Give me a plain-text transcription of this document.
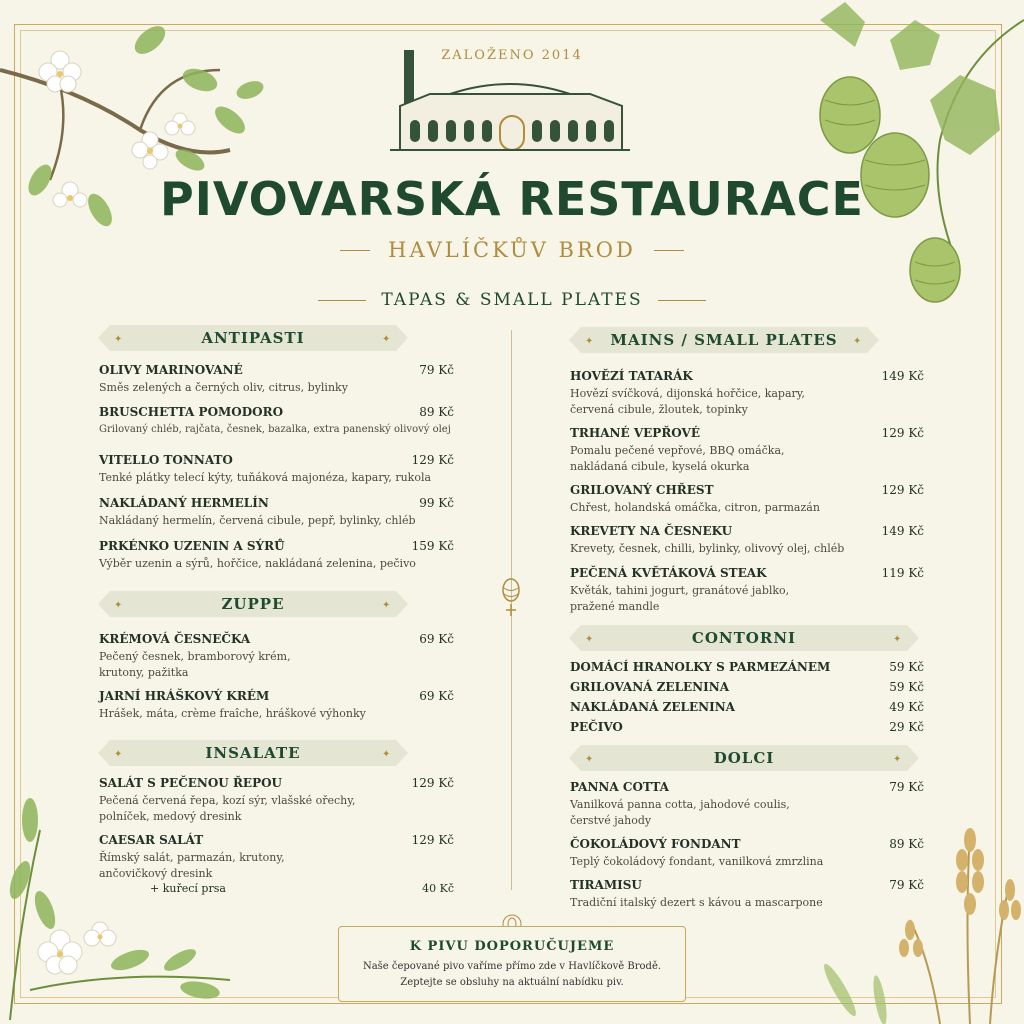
ZALOŽENO 2014
PIVOVARSKÁ RESTAURACE
HAVLÍČKŮV BROD
TAPAS & SMALL PLATES
✦	✦
ANTIPASTI
OLIVY MARINOVANÉ	79 Kč
Směs zelených a černých oliv, citrus, bylinky
BRUSCHETTA POMODORO	89 Kč
Grilovaný chléb, rajčata, česnek, bazalka, extra panenský olivový olej
VITELLO TONNATO	129 Kč
Tenké plátky telecí kýty, tuňáková majonéza, kapary, rukola
NAKLÁDANÝ HERMELÍN	99 Kč
Nakládaný hermelín, červená cibule, pepř, bylinky, chléb
PRKÉNKO UZENIN A SÝRŮ	159 Kč
Výběr uzenin a sýrů, hořčice, nakládaná zelenina, pečivo
✦	✦
ZUPPE
KRÉMOVÁ ČESNEČKA	69 Kč
Pečený česnek, bramborový krém,
krutony, pažitka
JARNÍ HRÁŠKOVÝ KRÉM	69 Kč
Hrášek, máta, crème fraîche, hráškové výhonky
✦	✦
INSALATE
SALÁT S PEČENOU ŘEPOU	129 Kč
Pečená červená řepa, kozí sýr, vlašské ořechy,
polníček, medový dresink
CAESAR SALÁT	129 Kč
Římský salát, parmazán, krutony,
ančovičkový dresink
+ kuřecí prsa	40 Kč
✦	✦
MAINS / SMALL PLATES
HOVĚZÍ TATARÁK	149 Kč
Hovězí svíčková, dijonská hořčice, kapary,
červená cibule, žloutek, topinky
TRHANÉ VEPŘOVÉ	129 Kč
Pomalu pečené vepřové, BBQ omáčka,
nakládaná cibule, kyselá okurka
GRILOVANÝ CHŘEST	129 Kč
Chřest, holandská omáčka, citron, parmazán
KREVETY NA ČESNEKU	149 Kč
Krevety, česnek, chilli, bylinky, olivový olej, chléb
PEČENÁ KVĚTÁKOVÁ STEAK	119 Kč
Květák, tahini jogurt, granátové jablko,
pražené mandle
✦	✦
CONTORNI
DOMÁCÍ HRANOLKY S PARMEZÁNEM	59 Kč
GRILOVANÁ ZELENINA	59 Kč
NAKLÁDANÁ ZELENINA	49 Kč
PEČIVO	29 Kč
✦	✦
DOLCI
PANNA COTTA	79 Kč
Vanilková panna cotta, jahodové coulis,
čerstvé jahody
ČOKOLÁDOVÝ FONDANT	89 Kč
Teplý čokoládový fondant, vanilková zmrzlina
TIRAMISU	79 Kč
Tradiční italský dezert s kávou a mascarpone
K PIVU DOPORUČUJEME
Naše čepované pivo vaříme přímo zde v Havlíčkově Brodě.
Zeptejte se obsluhy na aktuální nabídku piv.
